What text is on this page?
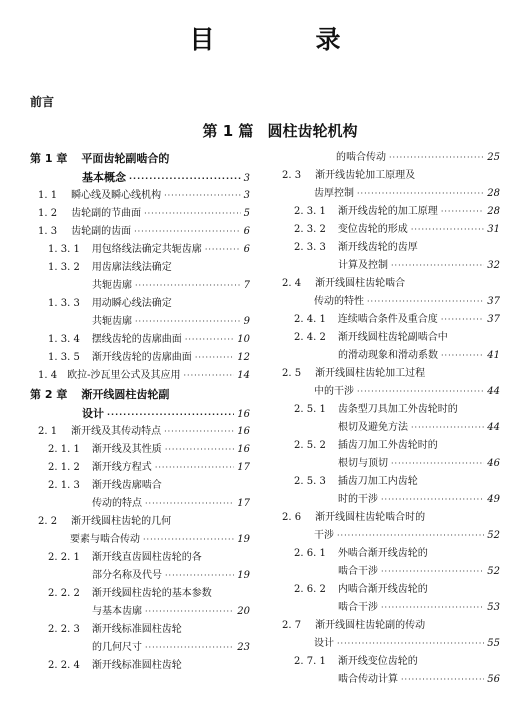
目　录
前言
第 1 篇 圆柱齿轮机构
第 1 章 平面齿轮副啮合的
基本概念 ·····	3
1. 1 瞬心线及瞬心线机构 ·····	3
1. 2 齿轮副的节曲面 ·····	5
1. 3 齿轮副的齿面 ·····	6
1. 3. 1 用包络线法确定共轭齿廓 ·····	6
1. 3. 2 用齿廓法线法确定
共轭齿廓 ·····	7
1. 3. 3 用动瞬心线法确定
共轭齿廓 ·····	9
1. 3. 4 摆线齿轮的齿廓曲面 ·····	10
1. 3. 5 渐开线齿轮的齿廓曲面 ·····	12
1. 4 欧拉-沙瓦里公式及其应用 ·····	14
第 2 章 渐开线圆柱齿轮副
设计 ·····	16
2. 1 渐开线及其传动特点 ·····	16
2. 1. 1 渐开线及其性质 ·····	16
2. 1. 2 渐开线方程式 ·····	17
2. 1. 3 渐开线齿廓啮合
传动的特点 ·····	17
2. 2 渐开线圆柱齿轮的几何
要素与啮合传动 ·····	19
2. 2. 1 渐开线直齿圆柱齿轮的各
部分名称及代号 ·····	19
2. 2. 2 渐开线圆柱齿轮的基本参数
与基本齿廓 ·····	20
2. 2. 3 渐开线标准圆柱齿轮
的几何尺寸 ·····	23
2. 2. 4 渐开线标准圆柱齿轮
的啮合传动 ·····	25
2. 3 渐开线齿轮加工原理及
齿厚控制 ·····	28
2. 3. 1 渐开线齿轮的加工原理 ·····	28
2. 3. 2 变位齿轮的形成 ·····	31
2. 3. 3 渐开线齿轮的齿厚
计算及控制 ·····	32
2. 4 渐开线圆柱齿轮啮合
传动的特性 ·····	37
2. 4. 1 连续啮合条件及重合度 ·····	37
2. 4. 2 渐开线圆柱齿轮副啮合中
的滑动现象和滑动系数 ·····	41
2. 5 渐开线圆柱齿轮加工过程
中的干涉 ·····	44
2. 5. 1 齿条型刀具加工外齿轮时的
根切及避免方法 ·····	44
2. 5. 2 插齿刀加工外齿轮时的
根切与顶切 ·····	46
2. 5. 3 插齿刀加工内齿轮
时的干涉 ·····	49
2. 6 渐开线圆柱齿轮啮合时的
干涉 ·····	52
2. 6. 1 外啮合渐开线齿轮的
啮合干涉 ·····	52
2. 6. 2 内啮合渐开线齿轮的
啮合干涉 ·····	53
2. 7 渐开线圆柱齿轮副的传动
设计 ·····	55
2. 7. 1 渐开线变位齿轮的
啮合传动计算 ·····	56
